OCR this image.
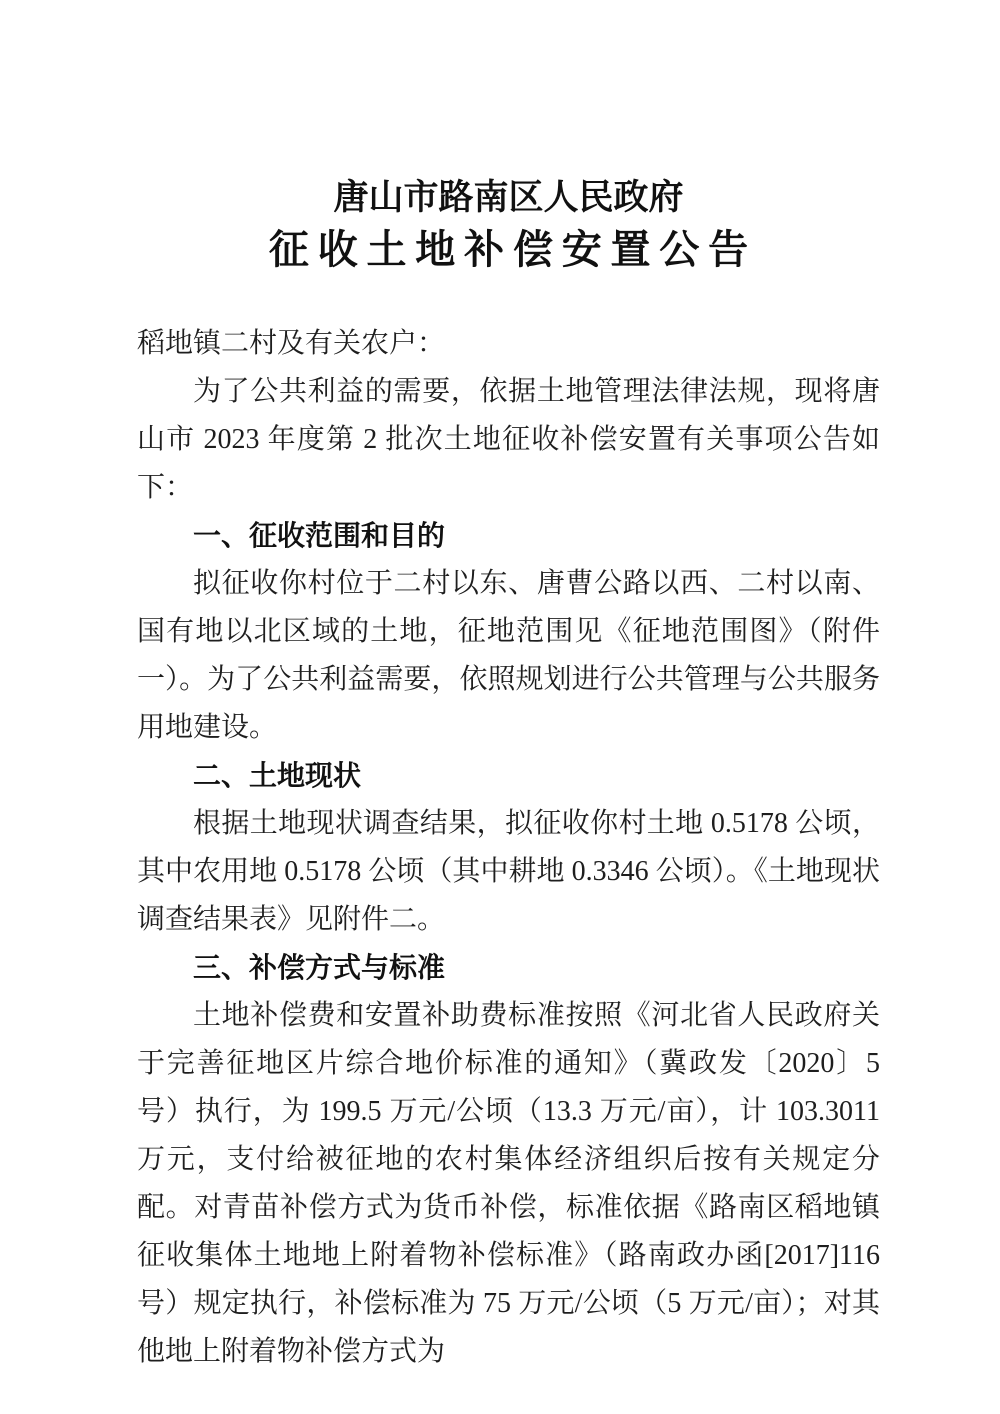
唐山市路南区人民政府
征收土地补偿安置公告

稻地镇二村及有关农户：

为了公共利益的需要，依据土地管理法律法规，现将唐山市 2023 年度第 2 批次土地征收补偿安置有关事项公告如下：

一、征收范围和目的

拟征收你村位于二村以东、唐曹公路以西、二村以南、国有地以北区域的土地，征地范围见《征地范围图》（附件一）。为了公共利益需要，依照规划进行公共管理与公共服务用地建设。

二、土地现状

根据土地现状调查结果，拟征收你村土地 0.5178 公顷，其中农用地 0.5178 公顷（其中耕地 0.3346 公顷）。《土地现状调查结果表》见附件二。

三、补偿方式与标准

土地补偿费和安置补助费标准按照《河北省人民政府关于完善征地区片综合地价标准的通知》（冀政发〔2020〕5 号）执行，为 199.5 万元/公顷（13.3 万元/亩），计 103.3011 万元，支付给被征地的农村集体经济组织后按有关规定分配。对青苗补偿方式为货币补偿，标准依据《路南区稻地镇征收集体土地地上附着物补偿标准》（路南政办函[2017]116 号）规定执行，补偿标准为 75 万元/公顷（5 万元/亩）；对其他地上附着物补偿方式为
